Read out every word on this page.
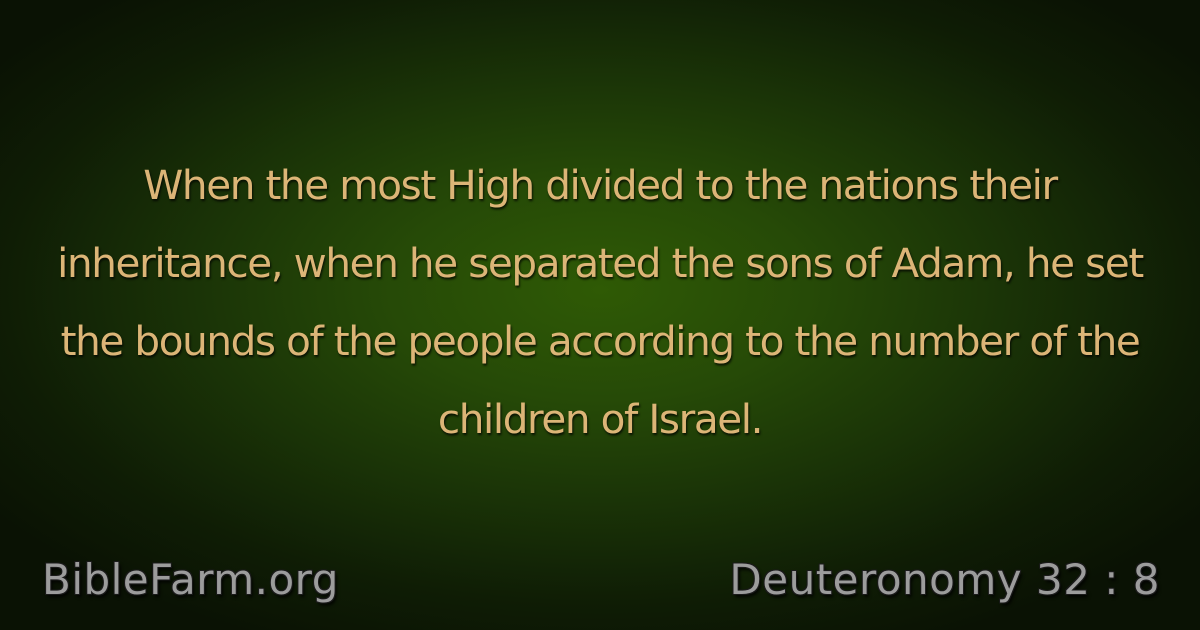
When the most High divided to the nations their inheritance, when he separated the sons of Adam, he set the bounds of the people according to the number of the children of Israel.

BibleFarm.org	Deuteronomy 32 : 8
